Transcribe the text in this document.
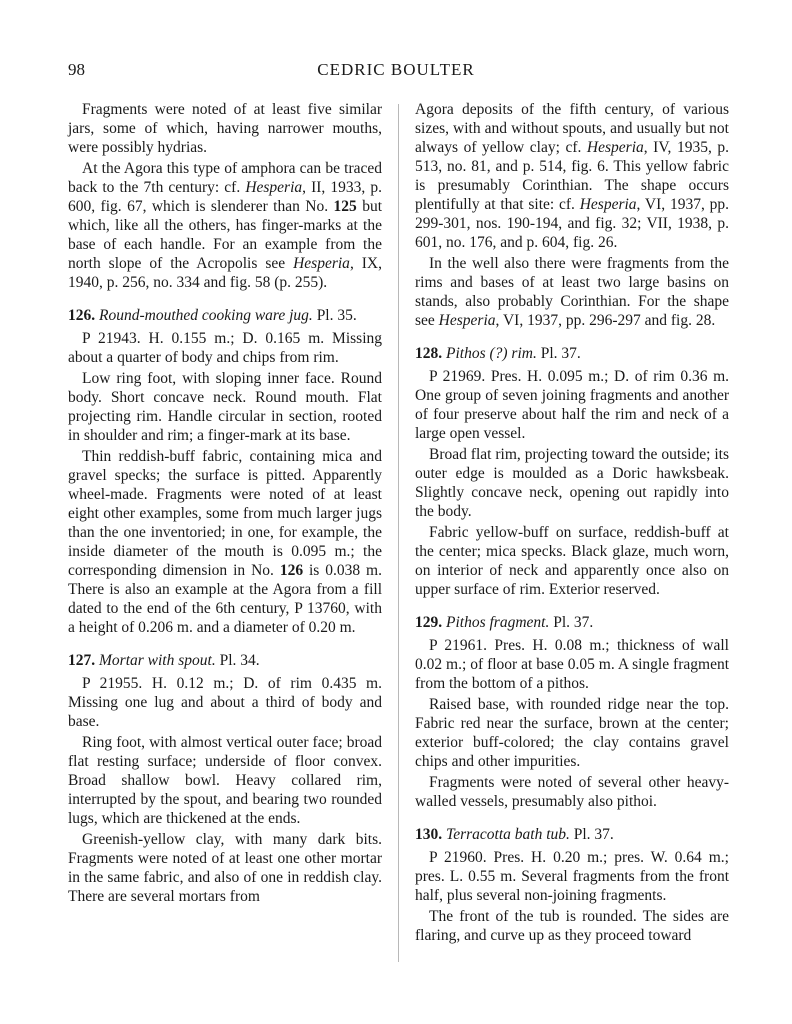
98	CEDRIC BOULTER

Fragments were noted of at least five similar jars, some of which, having narrower mouths, were possibly hydrias.

At the Agora this type of amphora can be traced back to the 7th century: cf. Hesperia, II, 1933, p. 600, fig. 67, which is slenderer than No. 125 but which, like all the others, has finger-marks at the base of each handle. For an example from the north slope of the Acropolis see Hesperia, IX, 1940, p. 256, no. 334 and fig. 58 (p. 255).

126. Round-mouthed cooking ware jug. Pl. 35.

P 21943. H. 0.155 m.; D. 0.165 m. Missing about a quarter of body and chips from rim.

Low ring foot, with sloping inner face. Round body. Short concave neck. Round mouth. Flat projecting rim. Handle circular in section, rooted in shoulder and rim; a finger-mark at its base.

Thin reddish-buff fabric, containing mica and gravel specks; the surface is pitted. Apparently wheel-made. Fragments were noted of at least eight other examples, some from much larger jugs than the one inventoried; in one, for example, the inside diameter of the mouth is 0.095 m.; the corresponding dimension in No. 126 is 0.038 m. There is also an example at the Agora from a fill dated to the end of the 6th century, P 13760, with a height of 0.206 m. and a diameter of 0.20 m.

127. Mortar with spout. Pl. 34.

P 21955. H. 0.12 m.; D. of rim 0.435 m. Missing one lug and about a third of body and base.

Ring foot, with almost vertical outer face; broad flat resting surface; underside of floor convex. Broad shallow bowl. Heavy collared rim, interrupted by the spout, and bearing two rounded lugs, which are thickened at the ends.

Greenish-yellow clay, with many dark bits. Fragments were noted of at least one other mortar in the same fabric, and also of one in reddish clay. There are several mortars from

Agora deposits of the fifth century, of various sizes, with and without spouts, and usually but not always of yellow clay; cf. Hesperia, IV, 1935, p. 513, no. 81, and p. 514, fig. 6. This yellow fabric is presumably Corinthian. The shape occurs plentifully at that site: cf. Hesperia, VI, 1937, pp. 299-301, nos. 190-194, and fig. 32; VII, 1938, p. 601, no. 176, and p. 604, fig. 26.

In the well also there were fragments from the rims and bases of at least two large basins on stands, also probably Corinthian. For the shape see Hesperia, VI, 1937, pp. 296-297 and fig. 28.

128. Pithos (?) rim. Pl. 37.

P 21969. Pres. H. 0.095 m.; D. of rim 0.36 m. One group of seven joining fragments and another of four preserve about half the rim and neck of a large open vessel.

Broad flat rim, projecting toward the outside; its outer edge is moulded as a Doric hawksbeak. Slightly concave neck, opening out rapidly into the body.

Fabric yellow-buff on surface, reddish-buff at the center; mica specks. Black glaze, much worn, on interior of neck and apparently once also on upper surface of rim. Exterior reserved.

129. Pithos fragment. Pl. 37.

P 21961. Pres. H. 0.08 m.; thickness of wall 0.02 m.; of floor at base 0.05 m. A single fragment from the bottom of a pithos.

Raised base, with rounded ridge near the top. Fabric red near the surface, brown at the center; exterior buff-colored; the clay contains gravel chips and other impurities.

Fragments were noted of several other heavy-walled vessels, presumably also pithoi.

130. Terracotta bath tub. Pl. 37.

P 21960. Pres. H. 0.20 m.; pres. W. 0.64 m.; pres. L. 0.55 m. Several fragments from the front half, plus several non-joining fragments.

The front of the tub is rounded. The sides are flaring, and curve up as they proceed toward
